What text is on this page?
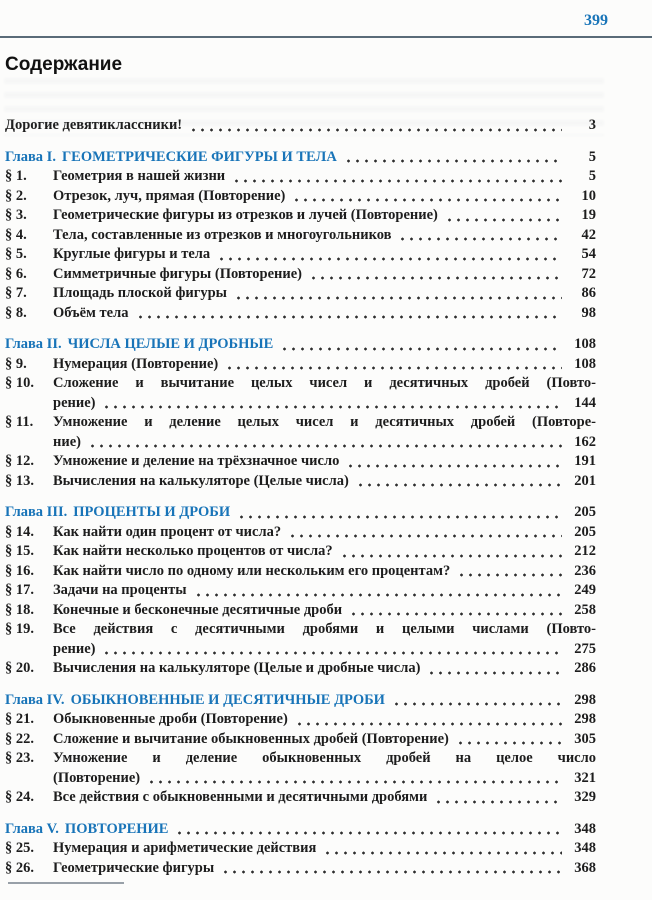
399
Содержание
Дорогие девятиклассники!	3
Глава I. ГЕОМЕТРИЧЕСКИЕ ФИГУРЫ И ТЕЛА	5
§ 1.	Геометрия в нашей жизни	5
§ 2.	Отрезок, луч, прямая (Повторение)	10
§ 3.	Геометрические фигуры из отрезков и лучей (Повторение)	19
§ 4.	Тела, составленные из отрезков и многоугольников	42
§ 5.	Круглые фигуры и тела	54
§ 6.	Симметричные фигуры (Повторение)	72
§ 7.	Площадь плоской фигуры	86
§ 8.	Объём тела	98
Глава II. ЧИСЛА ЦЕЛЫЕ И ДРОБНЫЕ	108
§ 9.	Нумерация (Повторение)	108
§ 10.	Сложение и вычитание целых чисел и десятичных дробей (Повто-
рение)	144
§ 11.	Умножение и деление целых чисел и десятичных дробей (Повторе-
ние)	162
§ 12.	Умножение и деление на трёхзначное число	191
§ 13.	Вычисления на калькуляторе (Целые числа)	201
Глава III. ПРОЦЕНТЫ И ДРОБИ	205
§ 14.	Как найти один процент от числа?	205
§ 15.	Как найти несколько процентов от числа?	212
§ 16.	Как найти число по одному или нескольким его процентам?	236
§ 17.	Задачи на проценты	249
§ 18.	Конечные и бесконечные десятичные дроби	258
§ 19.	Все действия с десятичными дробями и целыми числами (Повто-
рение)	275
§ 20.	Вычисления на калькуляторе (Целые и дробные числа)	286
Глава IV. ОБЫКНОВЕННЫЕ И ДЕСЯТИЧНЫЕ ДРОБИ	298
§ 21.	Обыкновенные дроби (Повторение)	298
§ 22.	Сложение и вычитание обыкновенных дробей (Повторение)	305
§ 23.	Умножение и деление обыкновенных дробей на целое число
(Повторение)	321
§ 24.	Все действия с обыкновенными и десятичными дробями	329
Глава V. ПОВТОРЕНИЕ	348
§ 25.	Нумерация и арифметические действия	348
§ 26.	Геометрические фигуры	368
